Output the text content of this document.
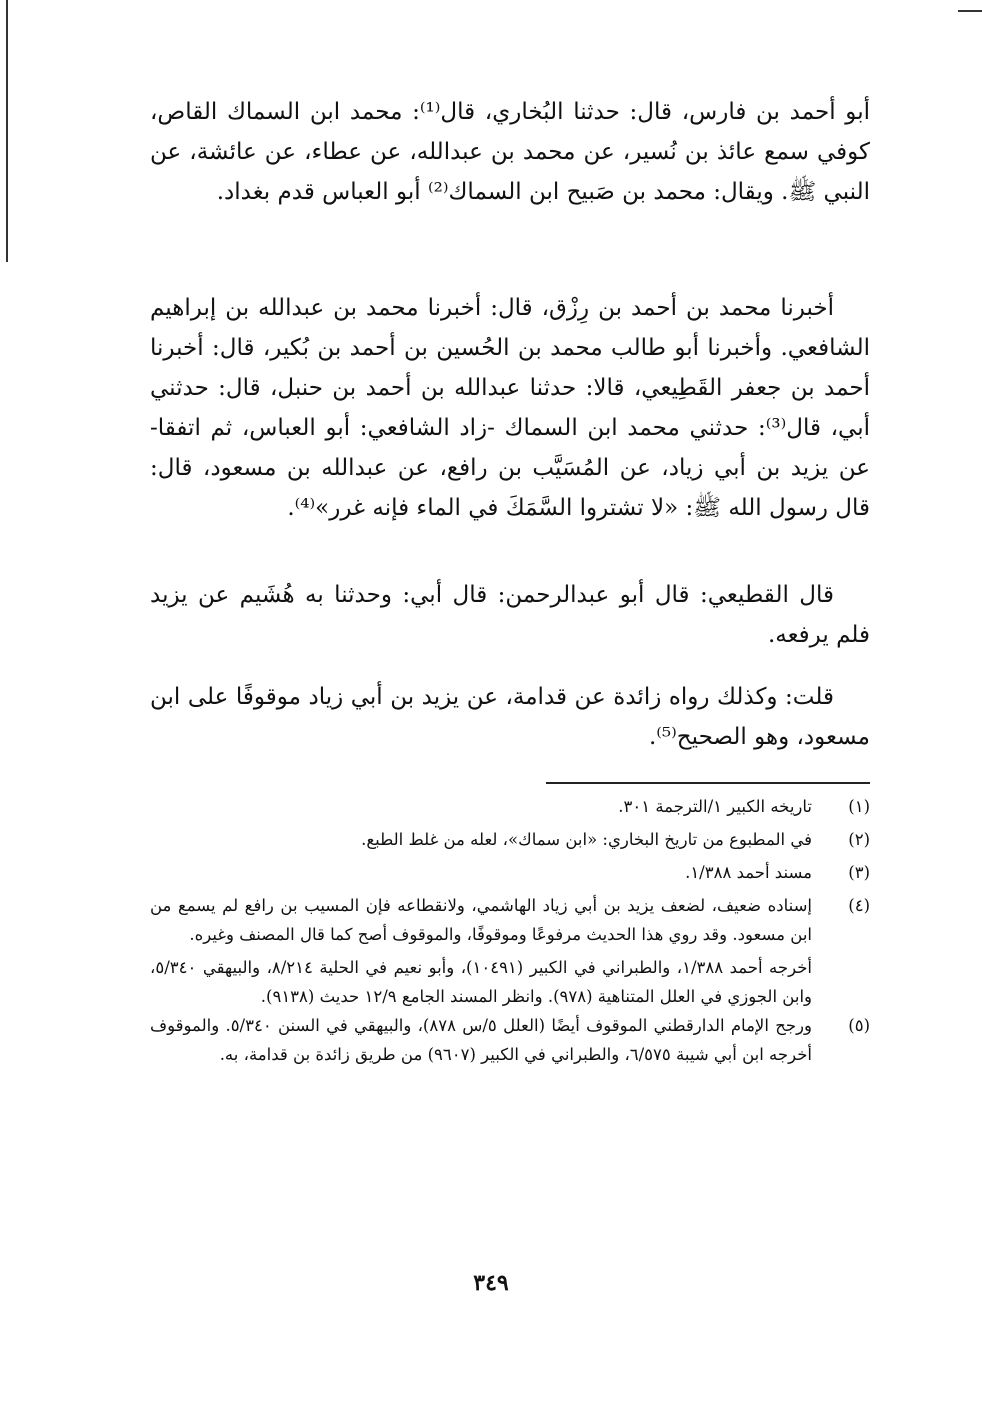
أبو أحمد بن فارس، قال: حدثنا البُخاري، قال⁽¹⁾: محمد ابن السماك القاص، كوفي سمع عائذ بن نُسير، عن محمد بن عبدالله، عن عطاء، عن عائشة، عن النبي ﷺ. ويقال: محمد بن صَبيح ابن السماك⁽²⁾ أبو العباس قدم بغداد.

أخبرنا محمد بن أحمد بن رِزْق، قال: أخبرنا محمد بن عبدالله بن إبراهيم الشافعي. وأخبرنا أبو طالب محمد بن الحُسين بن أحمد بن بُكير، قال: أخبرنا أحمد بن جعفر القَطِيعي، قالا: حدثنا عبدالله بن أحمد بن حنبل، قال: حدثني أبي، قال⁽³⁾: حدثني محمد ابن السماك -زاد الشافعي: أبو العباس، ثم اتفقا- عن يزيد بن أبي زياد، عن المُسَيَّب بن رافع، عن عبدالله بن مسعود، قال: قال رسول الله ﷺ: «لا تشتروا السَّمَكَ في الماء فإنه غرر»⁽⁴⁾.

قال القطيعي: قال أبو عبدالرحمن: قال أبي: وحدثنا به هُشَيم عن يزيد فلم يرفعه.

قلت: وكذلك رواه زائدة عن قدامة، عن يزيد بن أبي زياد موقوفًا على ابن مسعود، وهو الصحيح⁽⁵⁾.

(١)
تاريخه الكبير ١/الترجمة ٣٠١.
(٢)
في المطبوع من تاريخ البخاري: «ابن سماك»، لعله من غلط الطبع.
(٣)
مسند أحمد ١/٣٨٨.
(٤)
إسناده ضعيف، لضعف يزيد بن أبي زياد الهاشمي، ولانقطاعه فإن المسيب بن رافع لم يسمع من ابن مسعود. وقد روي هذا الحديث مرفوعًا وموقوفًا، والموقوف أصح كما قال المصنف وغيره.
أخرجه أحمد ١/٣٨٨، والطبراني في الكبير (١٠٤٩١)، وأبو نعيم في الحلية ٨/٢١٤، والبيهقي ٥/٣٤٠، وابن الجوزي في العلل المتناهية (٩٧٨). وانظر المسند الجامع ١٢/٩ حديث (٩١٣٨).
(٥)
ورجح الإمام الدارقطني الموقوف أيضًا (العلل ٥/س ٨٧٨)، والبيهقي في السنن ٥/٣٤٠. والموقوف أخرجه ابن أبي شيبة ٦/٥٧٥، والطبراني في الكبير (٩٦٠٧) من طريق زائدة بن قدامة، به.
٣٤٩
